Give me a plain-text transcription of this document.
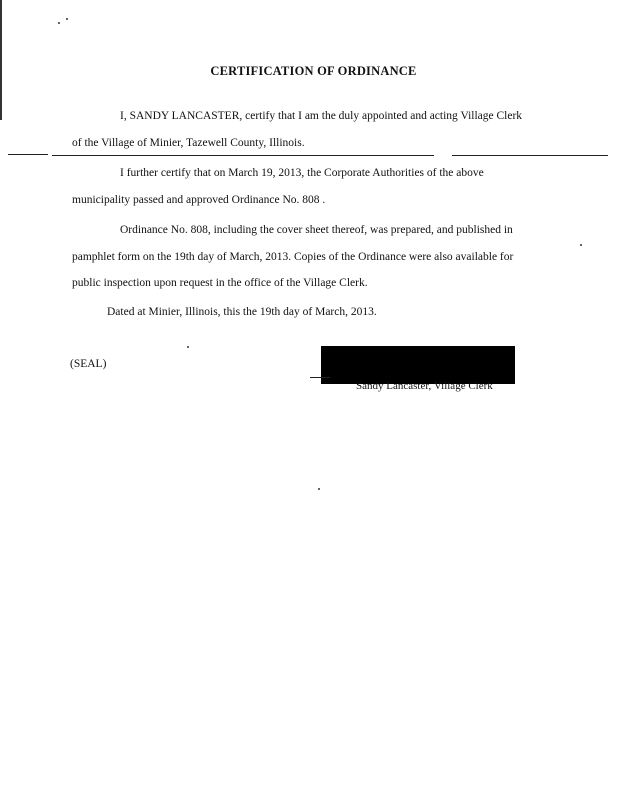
CERTIFICATION OF ORDINANCE
I, SANDY LANCASTER, certify that I am the duly appointed and acting Village Clerk
of the Village of Minier, Tazewell County, Illinois.
I further certify that on March 19, 2013, the Corporate Authorities of the above
municipality passed and approved Ordinance No. 808 .
Ordinance No. 808, including the cover sheet thereof, was prepared, and published in
pamphlet form on the 19th day of March, 2013. Copies of the Ordinance were also available for
public inspection upon request in the office of the Village Clerk.
Dated at Minier, Illinois, this the 19th day of March, 2013.
(SEAL)
Sandy Lancaster, Village Clerk
